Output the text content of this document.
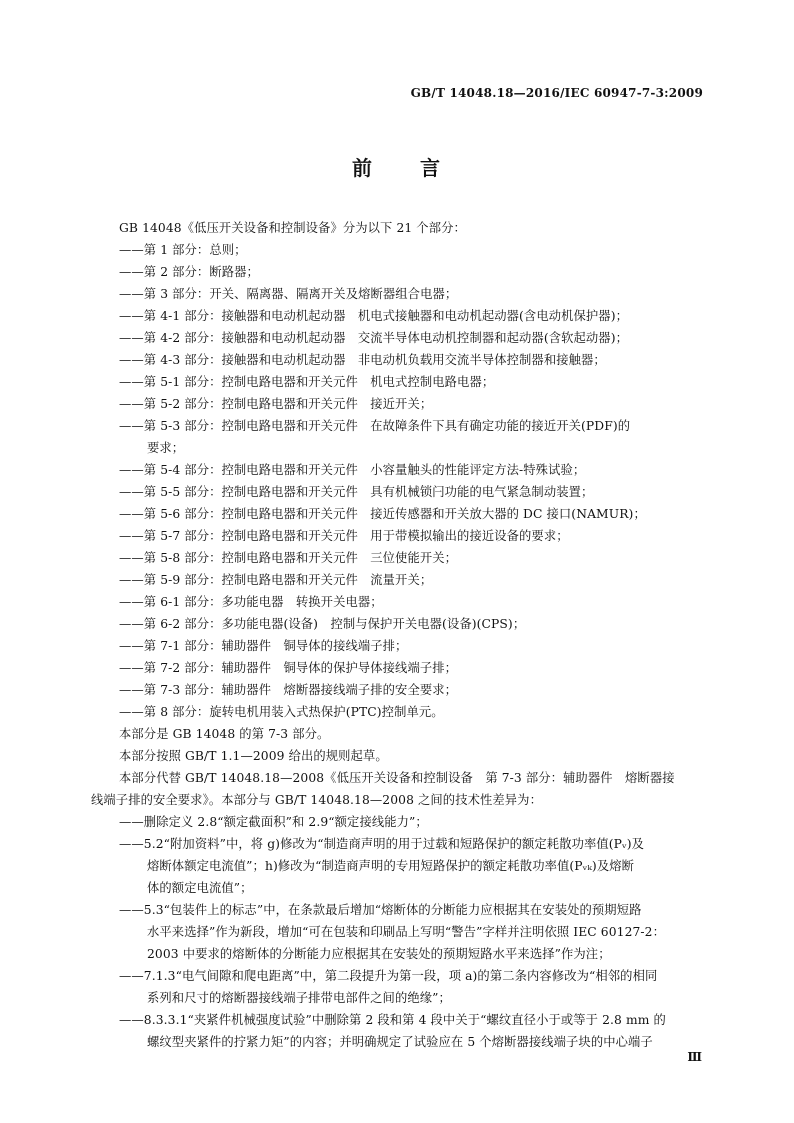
GB/T 14048.18—2016/IEC 60947-7-3:2009
前 言
GB 14048《低压开关设备和控制设备》分为以下 21 个部分：
——第 1 部分：总则；
——第 2 部分：断路器；
——第 3 部分：开关、隔离器、隔离开关及熔断器组合电器；
——第 4-1 部分：接触器和电动机起动器　机电式接触器和电动机起动器(含电动机保护器)；
——第 4-2 部分：接触器和电动机起动器　交流半导体电动机控制器和起动器(含软起动器)；
——第 4-3 部分：接触器和电动机起动器　非电动机负载用交流半导体控制器和接触器；
——第 5-1 部分：控制电路电器和开关元件　机电式控制电路电器；
——第 5-2 部分：控制电路电器和开关元件　接近开关；
——第 5-3 部分：控制电路电器和开关元件　在故障条件下具有确定功能的接近开关(PDF)的
要求；
——第 5-4 部分：控制电路电器和开关元件　小容量触头的性能评定方法-特殊试验；
——第 5-5 部分：控制电路电器和开关元件　具有机械锁闩功能的电气紧急制动装置；
——第 5-6 部分：控制电路电器和开关元件　接近传感器和开关放大器的 DC 接口(NAMUR)；
——第 5-7 部分：控制电路电器和开关元件　用于带模拟输出的接近设备的要求；
——第 5-8 部分：控制电路电器和开关元件　三位使能开关；
——第 5-9 部分：控制电路电器和开关元件　流量开关；
——第 6-1 部分：多功能电器　转换开关电器；
——第 6-2 部分：多功能电器(设备)　控制与保护开关电器(设备)(CPS)；
——第 7-1 部分：辅助器件　铜导体的接线端子排；
——第 7-2 部分：辅助器件　铜导体的保护导体接线端子排；
——第 7-3 部分：辅助器件　熔断器接线端子排的安全要求；
——第 8 部分：旋转电机用装入式热保护(PTC)控制单元。
本部分是 GB 14048 的第 7-3 部分。
本部分按照 GB/T 1.1—2009 给出的规则起草。
本部分代替 GB/T 14048.18—2008《低压开关设备和控制设备　第 7-3 部分：辅助器件　熔断器接
线端子排的安全要求》。本部分与 GB/T 14048.18—2008 之间的技术性差异为：
——删除定义 2.8“额定截面积”和 2.9“额定接线能力”；
——5.2“附加资料”中，将 g)修改为“制造商声明的用于过载和短路保护的额定耗散功率值(Pᵥ)及
熔断体额定电流值”；h)修改为“制造商声明的专用短路保护的额定耗散功率值(Pᵥₖ)及熔断
体的额定电流值”；
——5.3“包装件上的标志”中，在条款最后增加“熔断体的分断能力应根据其在安装处的预期短路
水平来选择”作为新段，增加“可在包装和印刷品上写明“警告”字样并注明依照 IEC 60127-2：
2003 中要求的熔断体的分断能力应根据其在安装处的预期短路水平来选择”作为注；
——7.1.3“电气间隙和爬电距离”中，第二段提升为第一段，项 a)的第二条内容修改为“相邻的相同
系列和尺寸的熔断器接线端子排带电部件之间的绝缘”；
——8.3.3.1“夹紧件机械强度试验”中删除第 2 段和第 4 段中关于“螺纹直径小于或等于 2.8 mm 的
螺纹型夹紧件的拧紧力矩”的内容；并明确规定了试验应在 5 个熔断器接线端子块的中心端子
Ⅲ
